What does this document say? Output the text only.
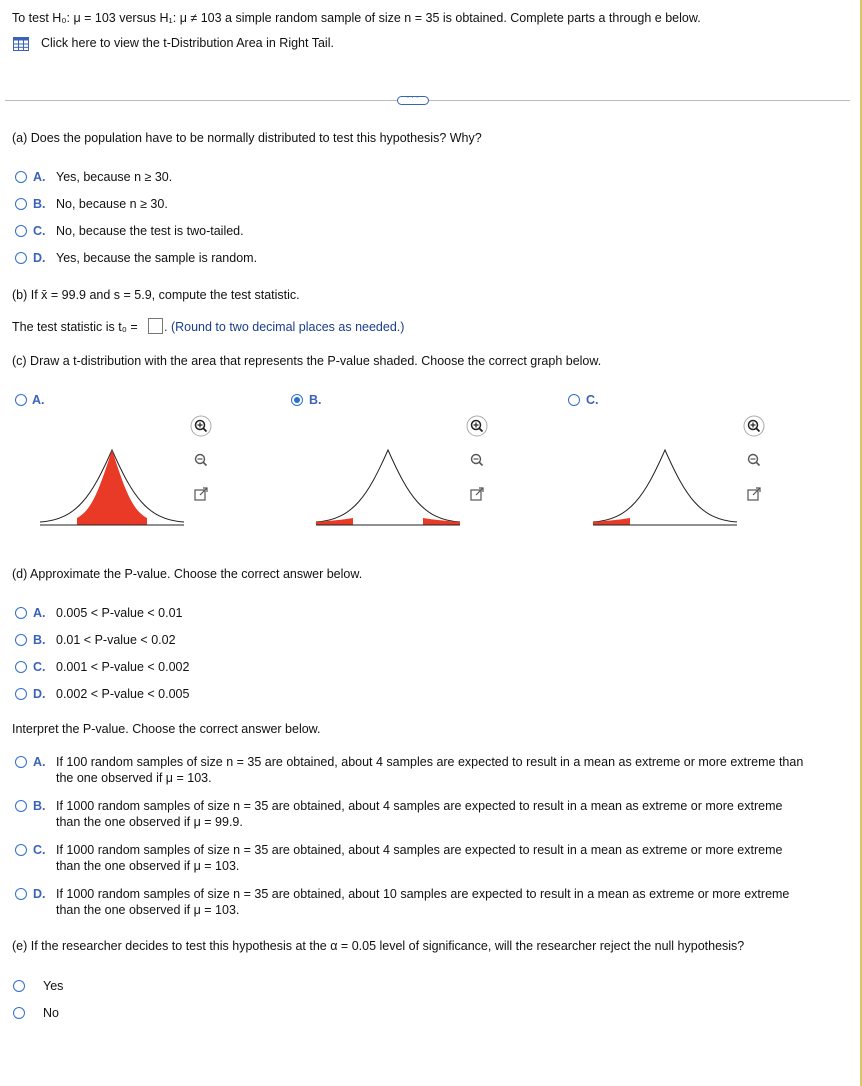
To test H₀: μ = 103 versus H₁: μ ≠ 103 a simple random sample of size n = 35 is obtained. Complete parts a through e below.
Click here to view the t-Distribution Area in Right Tail.
···
(a) Does the population have to be normally distributed to test this hypothesis? Why?
A. Yes, because n ≥ 30.
B. No, because n ≥ 30.
C. No, because the test is two-tailed.
D. Yes, because the sample is random.
(b) If x̄ = 99.9 and s = 5.9, compute the test statistic.
The test statistic is t₀ = . (Round to two decimal places as needed.)
(c) Draw a t-distribution with the area that represents the P-value shaded. Choose the correct graph below.
A.	B.	C.
(d) Approximate the P-value. Choose the correct answer below.
A. 0.005 < P-value < 0.01
B. 0.01 < P-value < 0.02
C. 0.001 < P-value < 0.002
D. 0.002 < P-value < 0.005
Interpret the P-value. Choose the correct answer below.
A. If 100 random samples of size n = 35 are obtained, about 4 samples are expected to result in a mean as extreme or more extreme than
the one observed if μ = 103.
B. If 1000 random samples of size n = 35 are obtained, about 4 samples are expected to result in a mean as extreme or more extreme
than the one observed if μ = 99.9.
C. If 1000 random samples of size n = 35 are obtained, about 4 samples are expected to result in a mean as extreme or more extreme
than the one observed if μ = 103.
D. If 1000 random samples of size n = 35 are obtained, about 10 samples are expected to result in a mean as extreme or more extreme
than the one observed if μ = 103.
(e) If the researcher decides to test this hypothesis at the α = 0.05 level of significance, will the researcher reject the null hypothesis?
Yes
No
